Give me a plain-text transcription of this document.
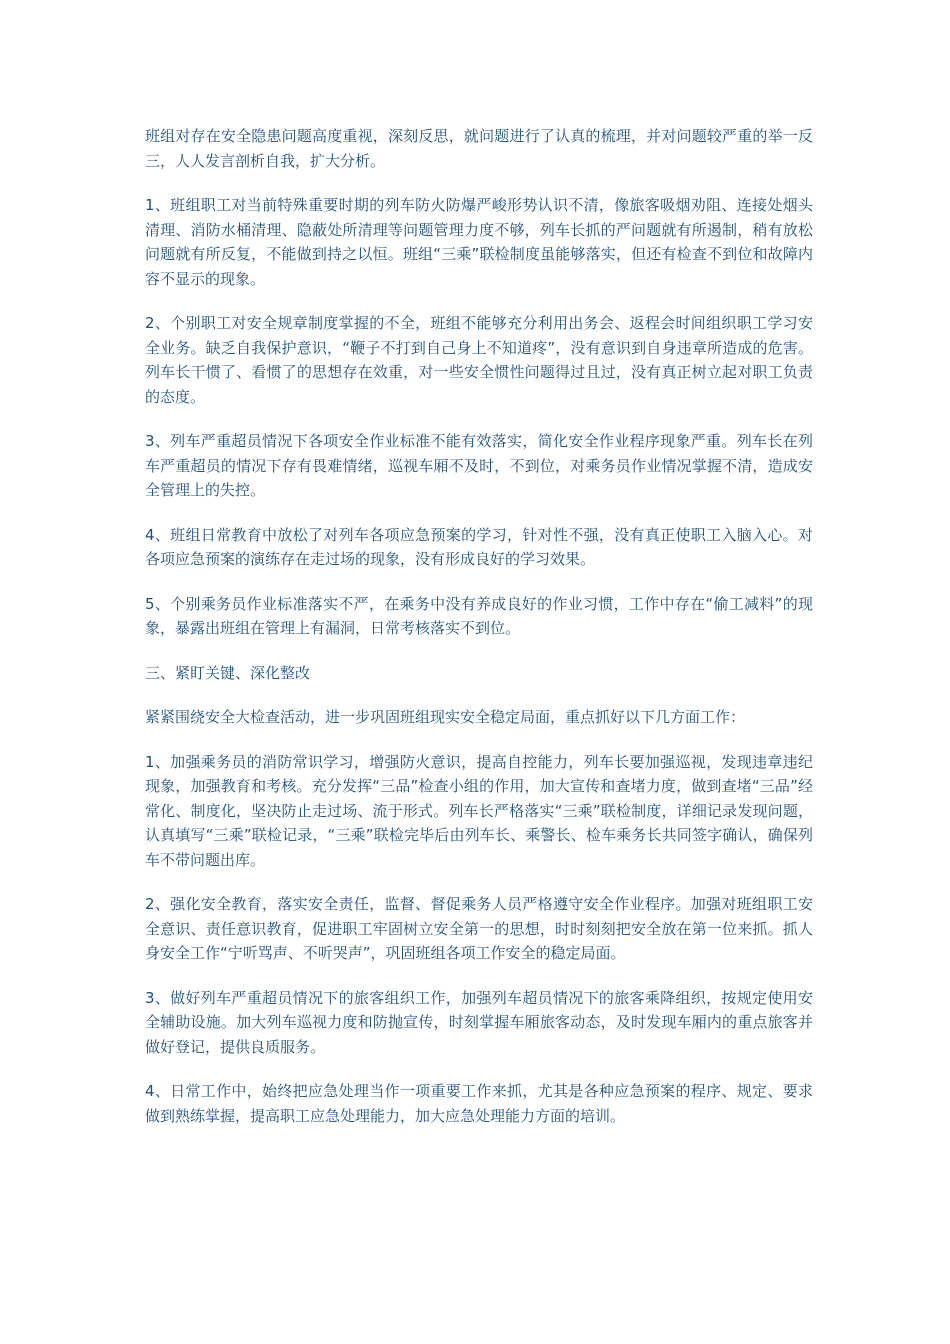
班组对存在安全隐患问题高度重视，深刻反思，就问题进行了认真的梳理，并对问题较严重的举一反三，人人发言剖析自我，扩大分析。

1、班组职工对当前特殊重要时期的列车防火防爆严峻形势认识不清，像旅客吸烟劝阻、连接处烟头清理、消防水桶清理、隐蔽处所清理等问题管理力度不够，列车长抓的严问题就有所遏制，稍有放松问题就有所反复，不能做到持之以恒。班组“三乘”联检制度虽能够落实，但还有检查不到位和故障内容不显示的现象。

2、个别职工对安全规章制度掌握的不全，班组不能够充分利用出务会、返程会时间组织职工学习安全业务。缺乏自我保护意识，“鞭子不打到自己身上不知道疼”，没有意识到自身违章所造成的危害。列车长干惯了、看惯了的思想存在效重，对一些安全惯性问题得过且过，没有真正树立起对职工负责的态度。

3、列车严重超员情况下各项安全作业标准不能有效落实，简化安全作业程序现象严重。列车长在列车严重超员的情况下存有畏难情绪，巡视车厢不及时，不到位，对乘务员作业情况掌握不清，造成安全管理上的失控。

4、班组日常教育中放松了对列车各项应急预案的学习，针对性不强，没有真正使职工入脑入心。对各项应急预案的演练存在走过场的现象，没有形成良好的学习效果。

5、个别乘务员作业标准落实不严，在乘务中没有养成良好的作业习惯，工作中存在“偷工减料”的现象，暴露出班组在管理上有漏洞，日常考核落实不到位。

三、紧盯关键、深化整改

紧紧围绕安全大检查活动，进一步巩固班组现实安全稳定局面，重点抓好以下几方面工作：

1、加强乘务员的消防常识学习，增强防火意识，提高自控能力，列车长要加强巡视，发现违章违纪现象，加强教育和考核。充分发挥“三品”检查小组的作用，加大宣传和查堵力度，做到查堵“三品”经常化、制度化，坚决防止走过场、流于形式。列车长严格落实“三乘”联检制度，详细记录发现问题，认真填写“三乘”联检记录，“三乘”联检完毕后由列车长、乘警长、检车乘务长共同签字确认，确保列车不带问题出库。

2、强化安全教育，落实安全责任，监督、督促乘务人员严格遵守安全作业程序。加强对班组职工安全意识、责任意识教育，促进职工牢固树立安全第一的思想，时时刻刻把安全放在第一位来抓。抓人身安全工作“宁听骂声、不听哭声”，巩固班组各项工作安全的稳定局面。

3、做好列车严重超员情况下的旅客组织工作，加强列车超员情况下的旅客乘降组织，按规定使用安全辅助设施。加大列车巡视力度和防抛宣传，时刻掌握车厢旅客动态，及时发现车厢内的重点旅客并做好登记，提供良质服务。

4、日常工作中，始终把应急处理当作一项重要工作来抓，尤其是各种应急预案的程序、规定、要求做到熟练掌握，提高职工应急处理能力，加大应急处理能力方面的培训。
